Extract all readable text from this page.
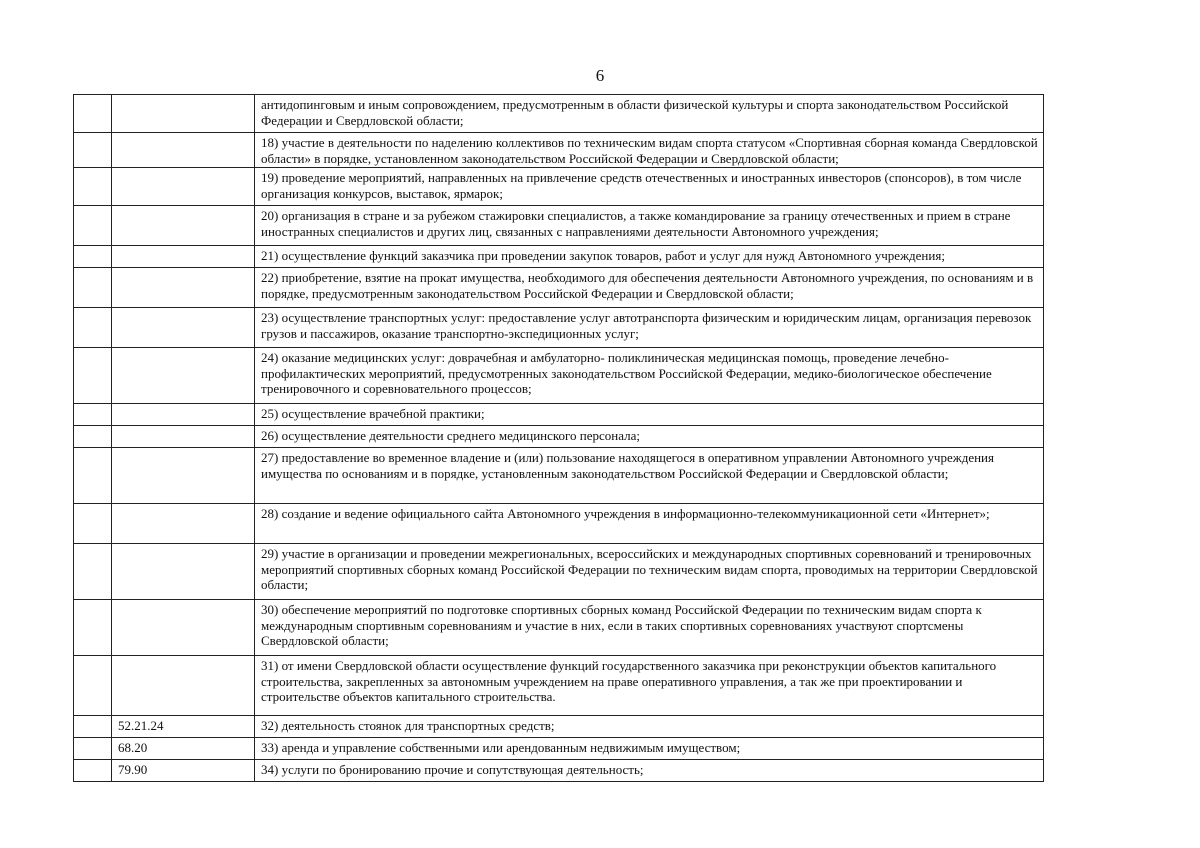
6
		антидопинговым и иным сопровождением, предусмотренным в области физической культуры и спорта законодательством Российской Федерации и Свердловской области;
		18) участие в деятельности по наделению коллективов по техническим видам спорта статусом «Спортивная сборная команда Свердловской области» в порядке, установленном законодательством Российской Федерации и Свердловской области;
		19) проведение мероприятий, направленных на привлечение средств отечественных и иностранных инвесторов (спонсоров), в том числе организация конкурсов, выставок, ярмарок;
		20) организация в стране и за рубежом стажировки специалистов, а также командирование за границу отечественных и прием в стране иностранных специалистов и других лиц, связанных с направлениями деятельности Автономного учреждения;
		21) осуществление функций заказчика при проведении закупок товаров, работ и услуг для нужд Автономного учреждения;
		22) приобретение, взятие на прокат имущества, необходимого для обеспечения деятельности Автономного учреждения, по основаниям и в порядке, предусмотренным законодательством Российской Федерации и Свердловской области;
		23) осуществление транспортных услуг: предоставление услуг автотранспорта физическим и юридическим лицам, организация перевозок грузов и пассажиров, оказание транспортно-экспедиционных услуг;
		24) оказание медицинских услуг: доврачебная и амбулаторно- поликлиническая медицинская помощь, проведение лечебно-профилактических мероприятий, предусмотренных законодательством Российской Федерации, медико-биологическое обеспечение тренировочного и соревновательного процессов;
		25) осуществление врачебной практики;
		26) осуществление деятельности среднего медицинского персонала;
		27) предоставление во временное владение и (или) пользование находящегося в оперативном управлении Автономного учреждения имущества по основаниям и в порядке, установленным законодательством Российской Федерации и Свердловской области;
		28) создание и ведение официального сайта Автономного учреждения в информационно-телекоммуникационной сети «Интернет»;
		29) участие в организации и проведении межрегиональных, всероссийских и международных спортивных соревнований и тренировочных мероприятий спортивных сборных команд Российской Федерации по техническим видам спорта, проводимых на территории Свердловской области;
		30) обеспечение мероприятий по подготовке спортивных сборных команд Российской Федерации по техническим видам спорта к международным спортивным соревнованиям и участие в них, если в таких спортивных соревнованиях участвуют спортсмены Свердловской области;
		31) от имени Свердловской области осуществление функций государственного заказчика при реконструкции объектов капитального строительства, закрепленных за автономным учреждением на праве оперативного управления, а так же при проектировании и строительстве объектов капитального строительства.
	52.21.24	32) деятельность стоянок для транспортных средств;
	68.20	33) аренда и управление собственными или арендованным недвижимым имуществом;
	79.90	34) услуги по бронированию прочие и сопутствующая деятельность;
